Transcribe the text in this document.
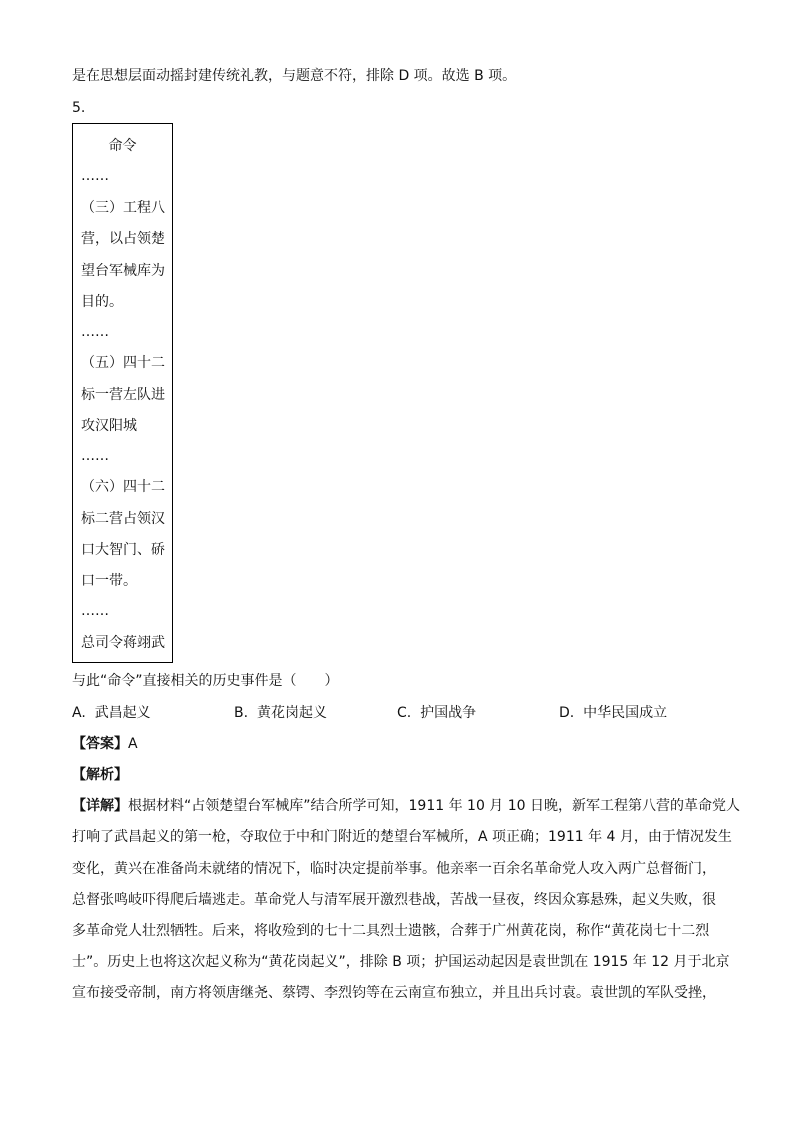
是在思想层面动摇封建传统礼教，与题意不符，排除 D 项。故选 B 项。
5.
命令
……
（三）工程八
营，以占领楚
望台军械库为
目的。
……
（五）四十二
标一营左队进
攻汉阳城
……
（六）四十二
标二营占领汉
口大智门、硚
口一带。
……
总司令蒋翊武
与此“命令”直接相关的历史事件是（　　）
A. 武昌起义	B. 黄花岗起义	C. 护国战争	D. 中华民国成立
【答案】A
【解析】
【详解】根据材料“占领楚望台军械库”结合所学可知，1911 年 10 月 10 日晚，新军工程第八营的革命党人
打响了武昌起义的第一枪，夺取位于中和门附近的楚望台军械所，A 项正确；1911 年 4 月，由于情况发生
变化，黄兴在准备尚未就绪的情况下，临时决定提前举事。他亲率一百余名革命党人攻入两广总督衙门，
总督张鸣岐吓得爬后墙逃走。革命党人与清军展开激烈巷战，苦战一昼夜，终因众寡悬殊，起义失败，很
多革命党人壮烈牺牲。后来，将收殓到的七十二具烈士遗骸，合葬于广州黄花岗，称作“黄花岗七十二烈
士”。历史上也将这次起义称为“黄花岗起义”，排除 B 项；护国运动起因是袁世凯在 1915 年 12 月于北京
宣布接受帝制，南方将领唐继尧、蔡锷、李烈钧等在云南宣布独立，并且出兵讨袁。袁世凯的军队受挫，
